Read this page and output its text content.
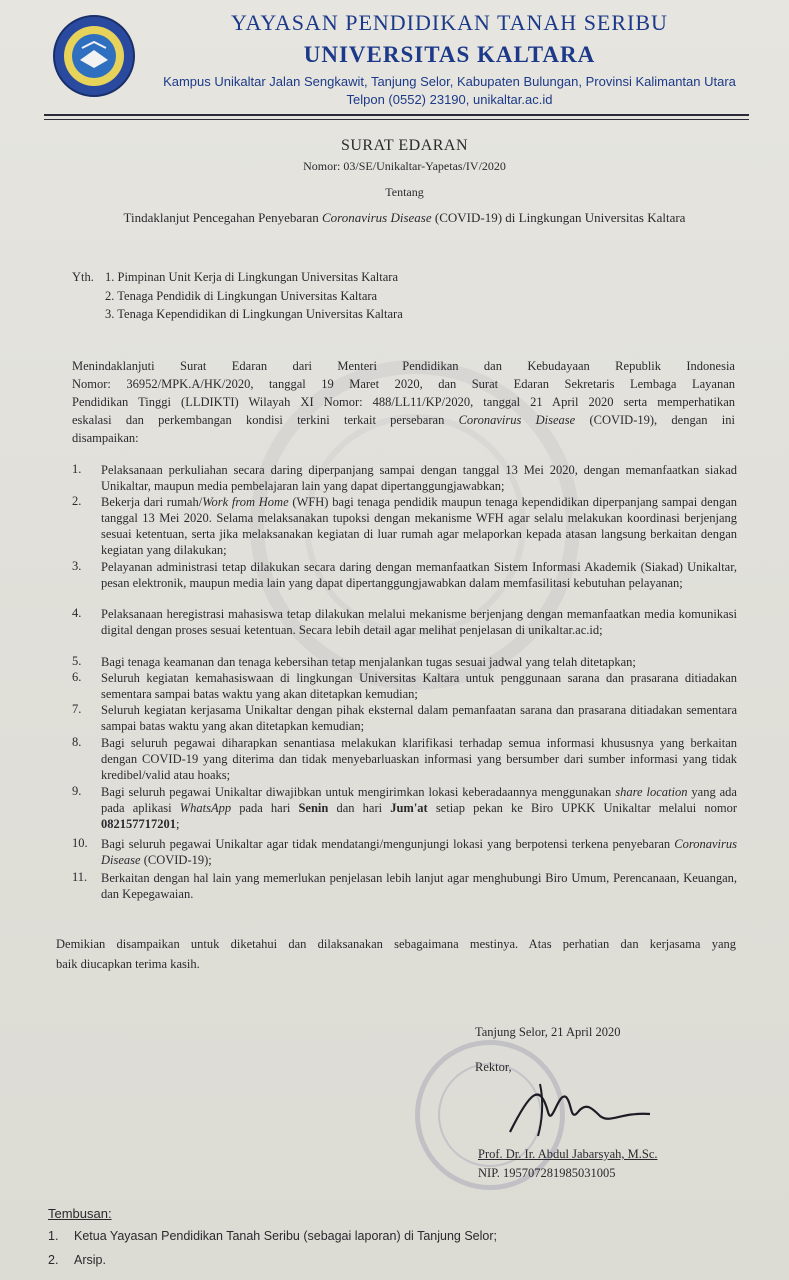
YAYASAN PENDIDIKAN TANAH SERIBU
UNIVERSITAS KALTARA
Kampus Unikaltar Jalan Sengkawit, Tanjung Selor, Kabupaten Bulungan, Provinsi Kalimantan Utara
Telpon (0552) 23190, unikaltar.ac.id
SURAT EDARAN
Nomor: 03/SE/Unikaltar-Yapetas/IV/2020
Tentang
Tindaklanjut Pencegahan Penyebaran Coronavirus Disease (COVID-19) di Lingkungan Universitas Kaltara
Yth. 1. Pimpinan Unit Kerja di Lingkungan Universitas Kaltara
2. Tenaga Pendidik di Lingkungan Universitas Kaltara
3. Tenaga Kependidikan di Lingkungan Universitas Kaltara
Menindaklanjuti Surat Edaran dari Menteri Pendidikan dan Kebudayaan Republik Indonesia
Nomor: 36952/MPK.A/HK/2020, tanggal 19 Maret 2020, dan Surat Edaran Sekretaris Lembaga Layanan
Pendidikan Tinggi (LLDIKTI) Wilayah XI Nomor: 488/LL11/KP/2020, tanggal 21 April 2020 serta memperhatikan
eskalasi dan perkembangan kondisi terkini terkait persebaran Coronavirus Disease (COVID-19), dengan ini
disampaikan:
1. Pelaksanaan perkuliahan secara daring diperpanjang sampai dengan tanggal 13 Mei 2020, dengan memanfaatkan siakad Unikaltar, maupun media pembelajaran lain yang dapat dipertanggungjawabkan;
2. Bekerja dari rumah/Work from Home (WFH) bagi tenaga pendidik maupun tenaga kependidikan diperpanjang sampai dengan tanggal 13 Mei 2020. Selama melaksanakan tupoksi dengan mekanisme WFH agar selalu melakukan koordinasi berjenjang sesuai ketentuan, serta jika melaksanakan kegiatan di luar rumah agar melaporkan kepada atasan langsung berkaitan dengan kegiatan yang dilakukan;
3. Pelayanan administrasi tetap dilakukan secara daring dengan memanfaatkan Sistem Informasi Akademik (Siakad) Unikaltar, pesan elektronik, maupun media lain yang dapat dipertanggungjawabkan dalam memfasilitasi kebutuhan pelayanan;
4. Pelaksanaan heregistrasi mahasiswa tetap dilakukan melalui mekanisme berjenjang dengan memanfaatkan media komunikasi digital dengan proses sesuai ketentuan. Secara lebih detail agar melihat penjelasan di unikaltar.ac.id;
5. Bagi tenaga keamanan dan tenaga kebersihan tetap menjalankan tugas sesuai jadwal yang telah ditetapkan;
6. Seluruh kegiatan kemahasiswaan di lingkungan Universitas Kaltara untuk penggunaan sarana dan prasarana ditiadakan sementara sampai batas waktu yang akan ditetapkan kemudian;
7. Seluruh kegiatan kerjasama Unikaltar dengan pihak eksternal dalam pemanfaatan sarana dan prasarana ditiadakan sementara sampai batas waktu yang akan ditetapkan kemudian;
8. Bagi seluruh pegawai diharapkan senantiasa melakukan klarifikasi terhadap semua informasi khususnya yang berkaitan dengan COVID-19 yang diterima dan tidak menyebarluaskan informasi yang bersumber dari sumber informasi yang tidak kredibel/valid atau hoaks;
9. Bagi seluruh pegawai Unikaltar diwajibkan untuk mengirimkan lokasi keberadaannya menggunakan share location yang ada pada aplikasi WhatsApp pada hari Senin dan hari Jum'at setiap pekan ke Biro UPKK Unikaltar melalui nomor 082157717201;
10. Bagi seluruh pegawai Unikaltar agar tidak mendatangi/mengunjungi lokasi yang berpotensi terkena penyebaran Coronavirus Disease (COVID-19);
11. Berkaitan dengan hal lain yang memerlukan penjelasan lebih lanjut agar menghubungi Biro Umum, Perencanaan, Keuangan, dan Kepegawaian.
Demikian disampaikan untuk diketahui dan dilaksanakan sebagaimana mestinya. Atas perhatian dan kerjasama yang
baik diucapkan terima kasih.
Tanjung Selor, 21 April 2020
Rektor,
Prof. Dr. Ir. Abdul Jabarsyah, M.Sc.
NIP. 195707281985031005
Tembusan:
1. Ketua Yayasan Pendidikan Tanah Seribu (sebagai laporan) di Tanjung Selor;
2. Arsip.
